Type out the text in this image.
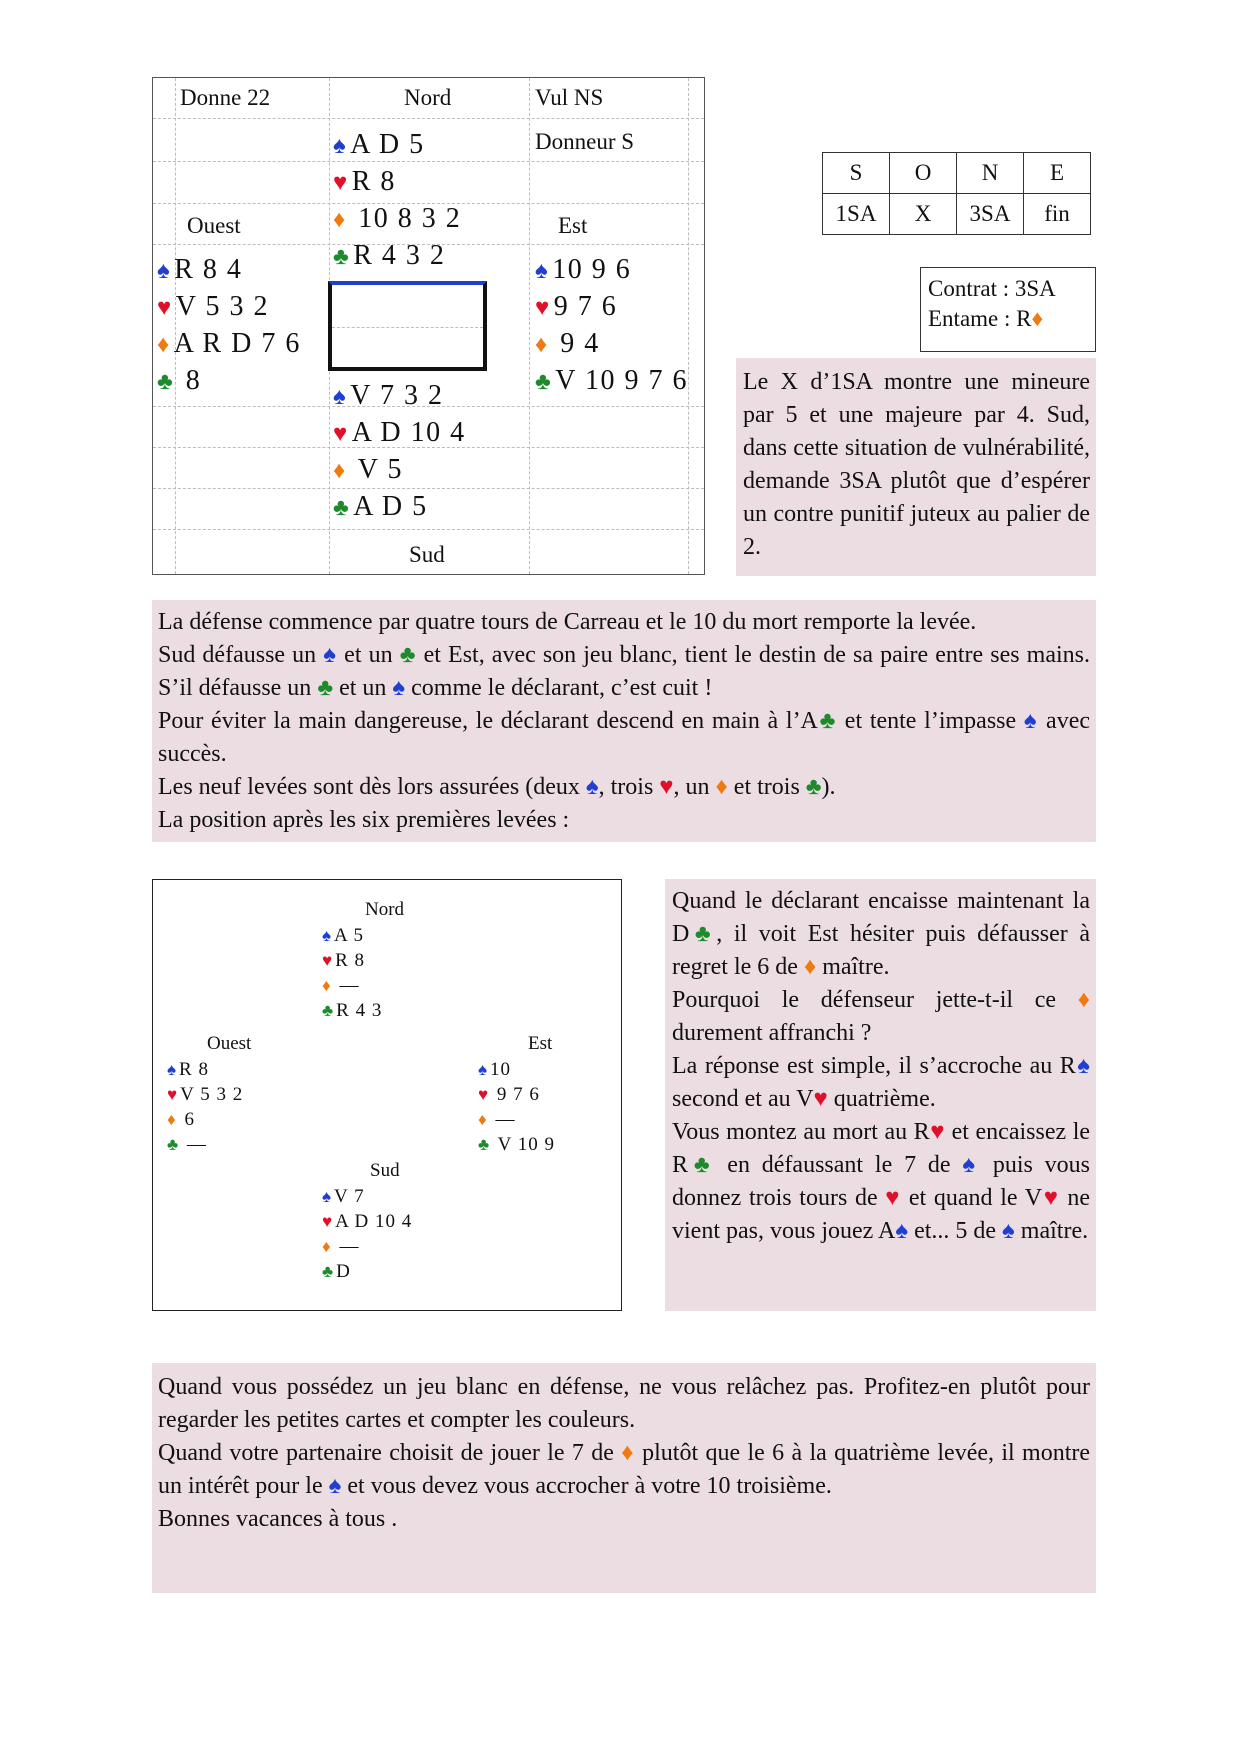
Donne 22	Nord	Vul NS
Donneur S
Ouest	Est
Sud
♠ A D 5
♥ R 8
♦ 10 8 3 2
♣ R 4 3 2
♠ R 8 4
♥ V 5 3 2
♦ A R D 7 6
♣ 8
♠ 10 9 6
♥ 9 7 6
♦ 9 4
♣ V 10 9 7 6
♠ V 7 3 2
♥ A D 10 4
♦ V 5
♣ A D 5
S	O	N	E
1SA	X	3SA	fin
Contrat : 3SA
Entame : R♦

Le X d’1SA montre une mineure par 5 et une majeure par 4. Sud, dans cette situation de vulnérabilité, demande 3SA plutôt que d’espérer un contre punitif juteux au palier de 2.

La défense commence par quatre tours de Carreau et le 10 du mort remporte la levée.

Sud défausse un ♠ et un ♣ et Est, avec son jeu blanc, tient le destin de sa paire entre ses mains. S’il défausse un ♣ et un ♠ comme le déclarant, c’est cuit !

Pour éviter la main dangereuse, le déclarant descend en main à l’A♣ et tente l’impasse ♠ avec succès.

Les neuf levées sont dès lors assurées (deux ♠, trois ♥, un ♦ et trois ♣).

La position après les six premières levées :

Nord
♠ A 5
♥ R 8
♦ —
♣ R 4 3
Ouest
♠ R 8
♥ V 5 3 2
♦ 6
♣ —
Est
♠ 10
♥ 9 7 6
♦ —
♣ V 10 9
Sud
♠ V 7
♥ A D 10 4
♦ —
♣ D

Quand le déclarant encaisse maintenant la D♣, il voit Est hésiter puis défausser à regret le 6 de ♦ maître.

Pourquoi le défenseur jette-t-il ce ♦ durement affranchi ?

La réponse est simple, il s’accroche au R♠ second et au V♥ quatrième.

Vous montez au mort au R♥ et encaissez le R♣ en défaussant le 7 de ♠ puis vous donnez trois tours de ♥ et quand le V♥ ne vient pas, vous jouez A♠ et... 5 de ♠ maître.

Quand vous possédez un jeu blanc en défense, ne vous relâchez pas. Profitez-en plutôt pour regarder les petites cartes et compter les couleurs.

Quand votre partenaire choisit de jouer le 7 de ♦ plutôt que le 6 à la quatrième levée, il montre un intérêt pour le ♠ et vous devez vous accrocher à votre 10 troisième.

Bonnes vacances à tous .
